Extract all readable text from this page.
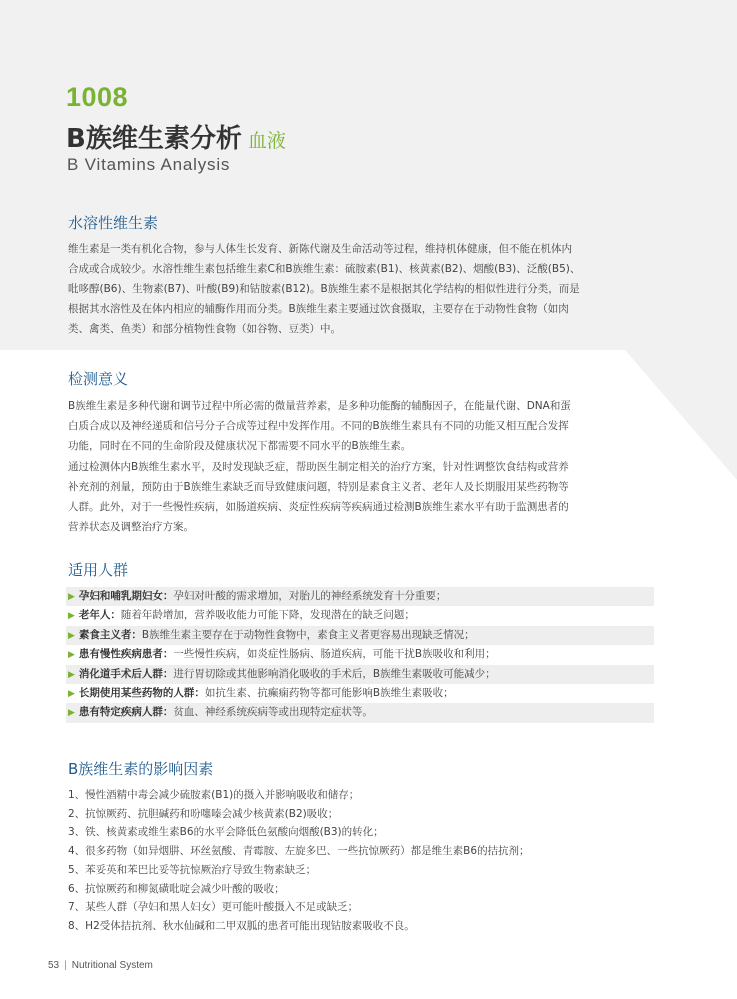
1008
B族维生素分析 血液
B Vitamins Analysis
水溶性维生素
维生素是一类有机化合物，参与人体生长发育、新陈代谢及生命活动等过程，维持机体健康，但不能在机体内
合成或合成较少。水溶性维生素包括维生素C和B族维生素：硫胺素(B1)、核黄素(B2)、烟酸(B3)、泛酸(B5)、
吡哆醇(B6)、生物素(B7)、叶酸(B9)和钴胺素(B12)。B族维生素不是根据其化学结构的相似性进行分类，而是
根据其水溶性及在体内相应的辅酶作用而分类。B族维生素主要通过饮食摄取，主要存在于动物性食物（如肉
类、禽类、鱼类）和部分植物性食物（如谷物、豆类）中。
检测意义
B族维生素是多种代谢和调节过程中所必需的微量营养素，是多种功能酶的辅酶因子，在能量代谢、DNA和蛋
白质合成以及神经递质和信号分子合成等过程中发挥作用。不同的B族维生素具有不同的功能又相互配合发挥
功能，同时在不同的生命阶段及健康状况下都需要不同水平的B族维生素。
通过检测体内B族维生素水平，及时发现缺乏症，帮助医生制定相关的治疗方案，针对性调整饮食结构或营养
补充剂的剂量，预防由于B族维生素缺乏而导致健康问题，特别是素食主义者、老年人及长期服用某些药物等
人群。此外，对于一些慢性疾病，如肠道疾病、炎症性疾病等疾病通过检测B族维生素水平有助于监测患者的
营养状态及调整治疗方案。
适用人群
▶ 孕妇和哺乳期妇女：孕妇对叶酸的需求增加，对胎儿的神经系统发育十分重要；
▶ 老年人：随着年龄增加，营养吸收能力可能下降，发现潜在的缺乏问题；
▶ 素食主义者：B族维生素主要存在于动物性食物中，素食主义者更容易出现缺乏情况；
▶ 患有慢性疾病患者：一些慢性疾病，如炎症性肠病、肠道疾病，可能干扰B族吸收和利用；
▶ 消化道手术后人群：进行胃切除或其他影响消化吸收的手术后，B族维生素吸收可能减少；
▶ 长期使用某些药物的人群：如抗生素、抗癫痫药物等都可能影响B族维生素吸收；
▶ 患有特定疾病人群：贫血、神经系统疾病等或出现特定症状等。
B族维生素的影响因素
1、慢性酒精中毒会减少硫胺素(B1)的摄入并影响吸收和储存；
2、抗惊厥药、抗胆碱药和吩噻嗪会减少核黄素(B2)吸收；
3、铁、核黄素或维生素B6的水平会降低色氨酸向烟酸(B3)的转化；
4、很多药物（如异烟肼、环丝氨酸、青霉胺、左旋多巴、一些抗惊厥药）都是维生素B6的拮抗剂；
5、苯妥英和苯巴比妥等抗惊厥治疗导致生物素缺乏；
6、抗惊厥药和柳氮磺吡啶会减少叶酸的吸收；
7、某些人群（孕妇和黑人妇女）更可能叶酸摄入不足或缺乏；
8、H2受体拮抗剂、秋水仙碱和二甲双胍的患者可能出现钴胺素吸收不良。
53 | Nutritional System
